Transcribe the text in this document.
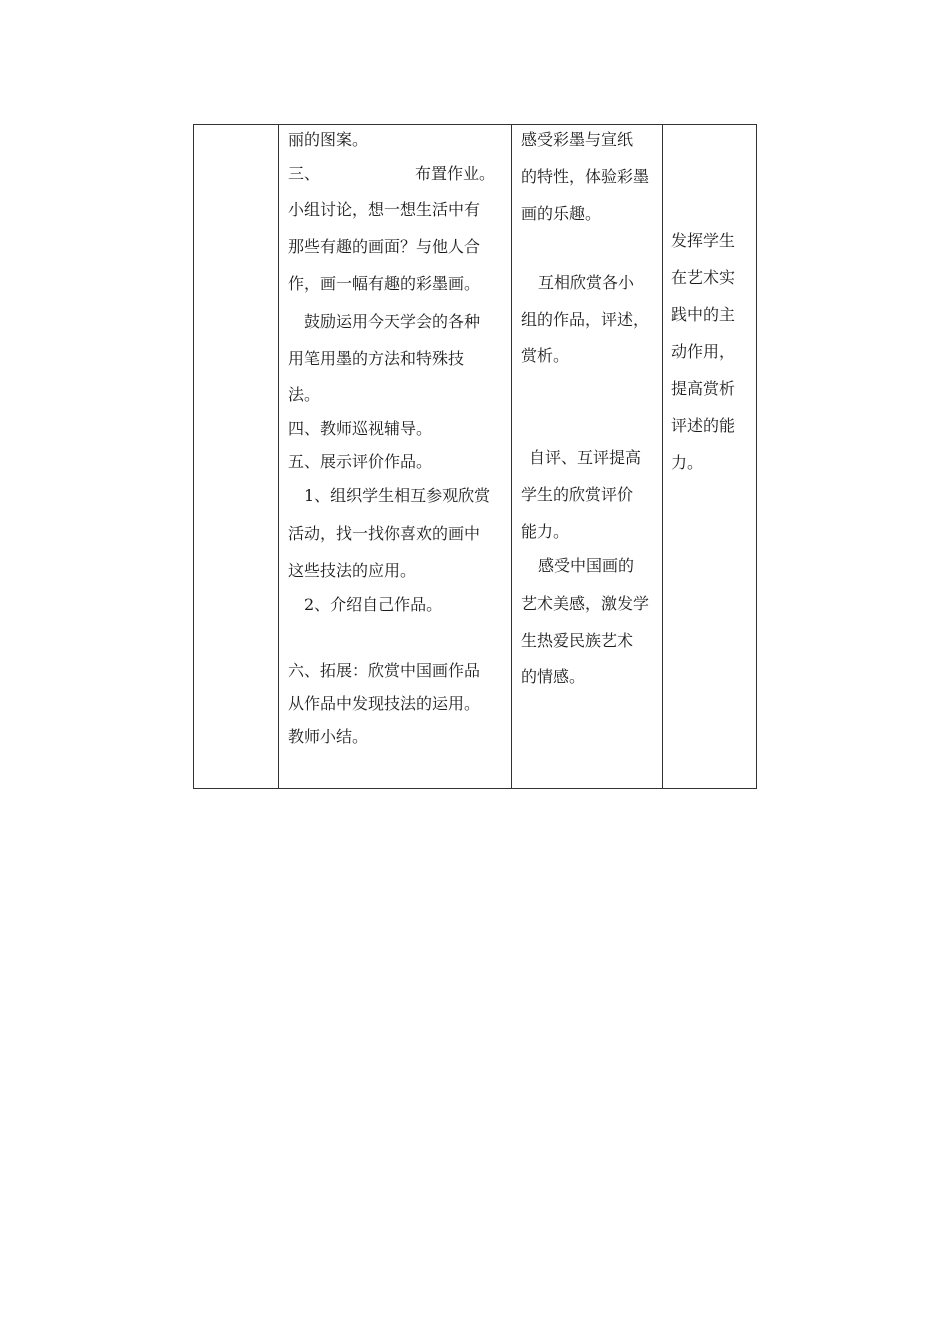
丽的图案。
三、	布置作业。
小组讨论，想一想生活中有
那些有趣的画面？与他人合
作，画一幅有趣的彩墨画。
鼓励运用今天学会的各种
用笔用墨的方法和特殊技
法。
四、教师巡视辅导。
五、展示评价作品。
1、组织学生相互参观欣赏
活动，找一找你喜欢的画中
这些技法的应用。
2、介绍自己作品。
六、拓展：欣赏中国画作品
从作品中发现技法的运用。
教师小结。
感受彩墨与宣纸
的特性，体验彩墨
画的乐趣。
互相欣赏各小
组的作品，评述，
赏析。
自评、互评提高
学生的欣赏评价
能力。
感受中国画的
艺术美感，激发学
生热爱民族艺术
的情感。
发挥学生
在艺术实
践中的主
动作用，
提高赏析
评述的能
力。
